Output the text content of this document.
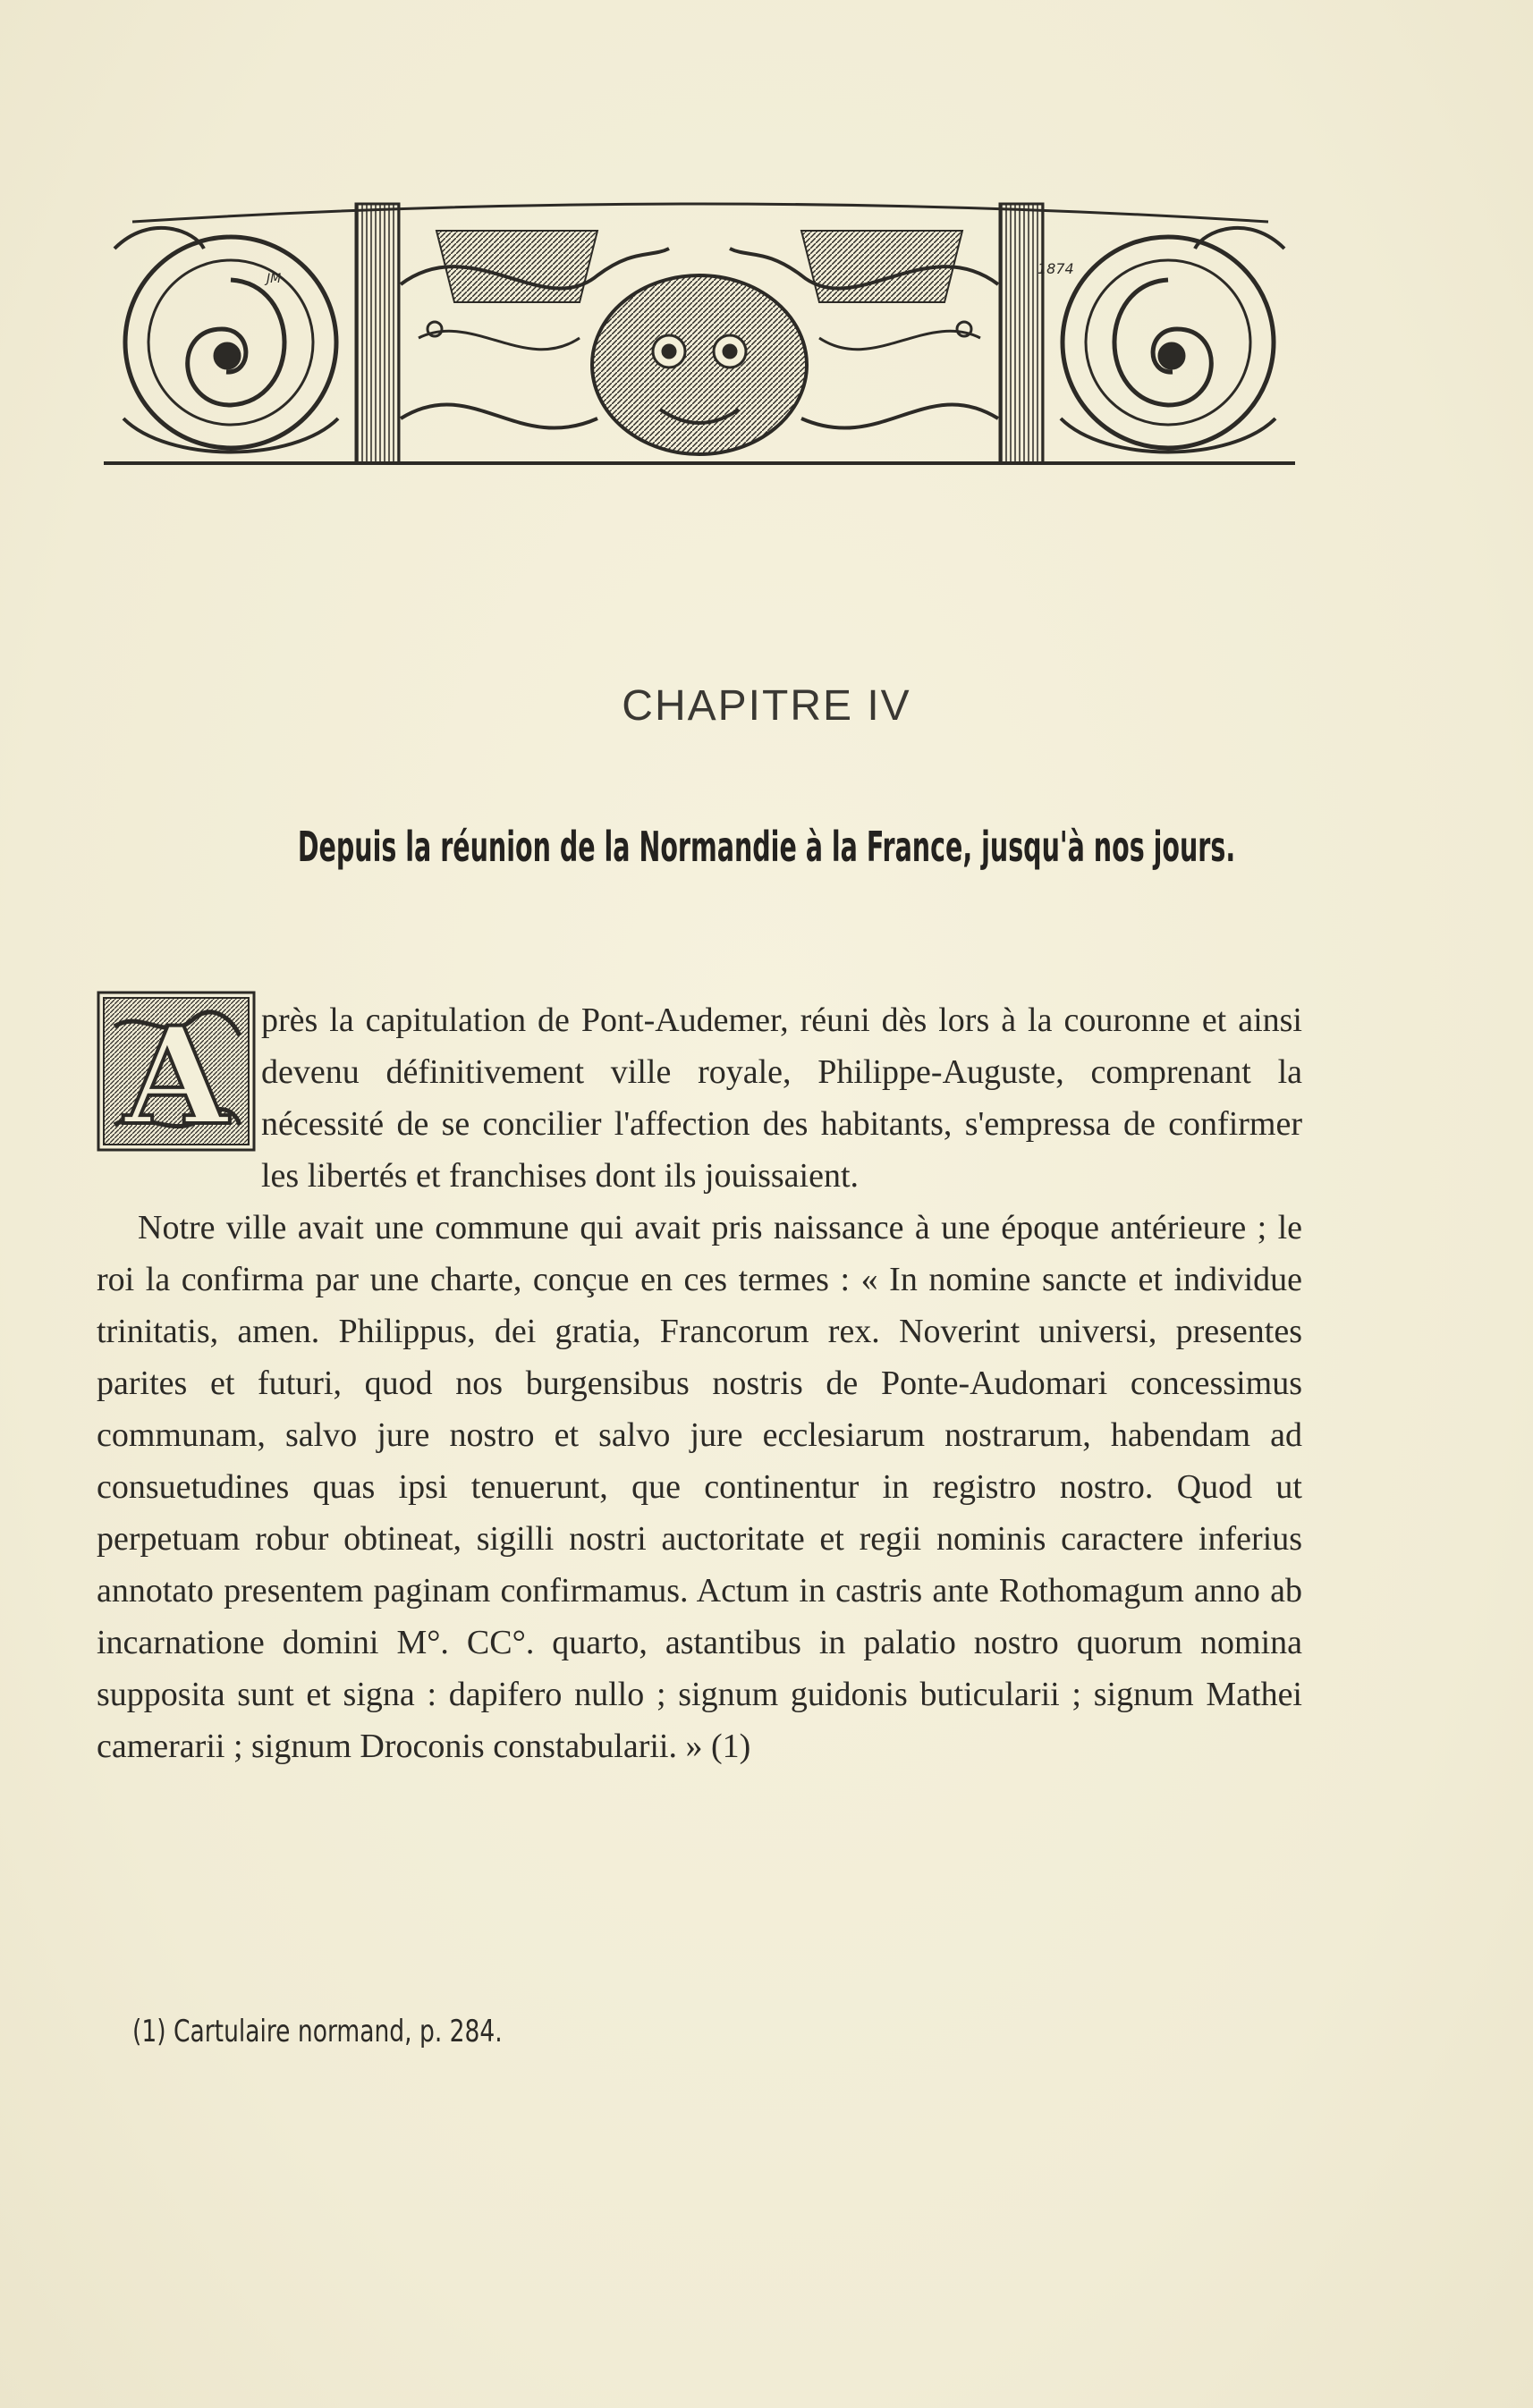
JM
1874
CHAPITRE IV
Depuis la réunion de la Normandie à la France, jusqu'à nos jours.

A près la capitulation de Pont-Audemer, réuni dès lors à la couronne et ainsi devenu définitivement ville royale, Philippe-Auguste, comprenant la nécessité de se concilier l'affection des habitants, s'empressa de confirmer les libertés et franchises dont ils jouissaient.

Notre ville avait une commune qui avait pris naissance à une époque antérieure ; le roi la confirma par une charte, conçue en ces termes : « In nomine sancte et individue trinitatis, amen. Philippus, dei gratia, Francorum rex. Noverint universi, presentes parites et futuri, quod nos burgensibus nostris de Ponte-Audomari concessimus communam, salvo jure nostro et salvo jure ecclesiarum nostrarum, habendam ad consuetudines quas ipsi tenuerunt, que continentur in registro nostro. Quod ut perpetuam robur obtineat, sigilli nostri auctoritate et regii nominis caractere inferius annotato presentem paginam confirmamus. Actum in castris ante Rothomagum anno ab incarnatione domini M°. CC°. quarto, astantibus in palatio nostro quorum nomina supposita sunt et signa : dapifero nullo ; signum guidonis buticularii ; signum Mathei camerarii ; signum Droconis constabularii. » (1)

(1) Cartulaire normand, p. 284.
